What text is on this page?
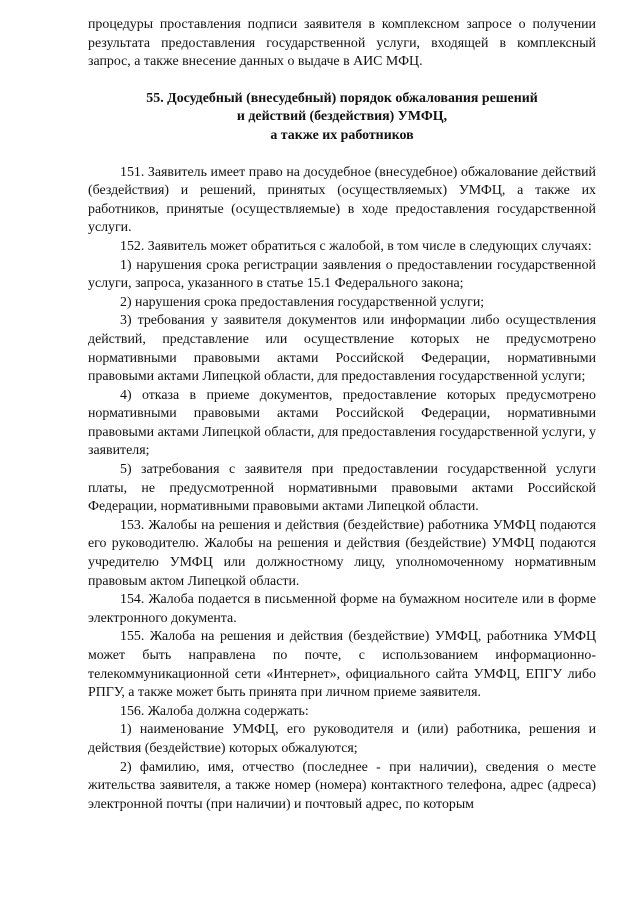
процедуры проставления подписи заявителя в комплексном запросе о получении результата предоставления государственной услуги, входящей в комплексный запрос, а также внесение данных о выдаче в АИС МФЦ.

55. Досудебный (внесудебный) порядок обжалования решений
и действий (бездействия) УМФЦ,
а также их работников

151. Заявитель имеет право на досудебное (внесудебное) обжалование действий (бездействия) и решений, принятых (осуществляемых) УМФЦ, а также их работников, принятые (осуществляемые) в ходе предоставления государственной услуги.

152. Заявитель может обратиться с жалобой, в том числе в следующих случаях:

1) нарушения срока регистрации заявления о предоставлении государственной услуги, запроса, указанного в статье 15.1 Федерального закона;

2) нарушения срока предоставления государственной услуги;

3) требования у заявителя документов или информации либо осуществления действий, представление или осуществление которых не предусмотрено нормативными правовыми актами Российской Федерации, нормативными правовыми актами Липецкой области, для предоставления государственной услуги;

4) отказа в приеме документов, предоставление которых предусмотрено нормативными правовыми актами Российской Федерации, нормативными правовыми актами Липецкой области, для предоставления государственной услуги, у заявителя;

5) затребования с заявителя при предоставлении государственной услуги платы, не предусмотренной нормативными правовыми актами Российской Федерации, нормативными правовыми актами Липецкой области.

153. Жалобы на решения и действия (бездействие) работника УМФЦ подаются его руководителю. Жалобы на решения и действия (бездействие) УМФЦ подаются учредителю УМФЦ или должностному лицу, уполномоченному нормативным правовым актом Липецкой области.

154. Жалоба подается в письменной форме на бумажном носителе или в форме электронного документа.

155. Жалоба на решения и действия (бездействие) УМФЦ, работника УМФЦ может быть направлена по почте, с использованием информационно-телекоммуникационной сети «Интернет», официального сайта УМФЦ, ЕПГУ либо РПГУ, а также может быть принята при личном приеме заявителя.

156. Жалоба должна содержать:

1) наименование УМФЦ, его руководителя и (или) работника, решения и действия (бездействие) которых обжалуются;

2) фамилию, имя, отчество (последнее - при наличии), сведения о месте жительства заявителя, а также номер (номера) контактного телефона, адрес (адреса) электронной почты (при наличии) и почтовый адрес, по которым
